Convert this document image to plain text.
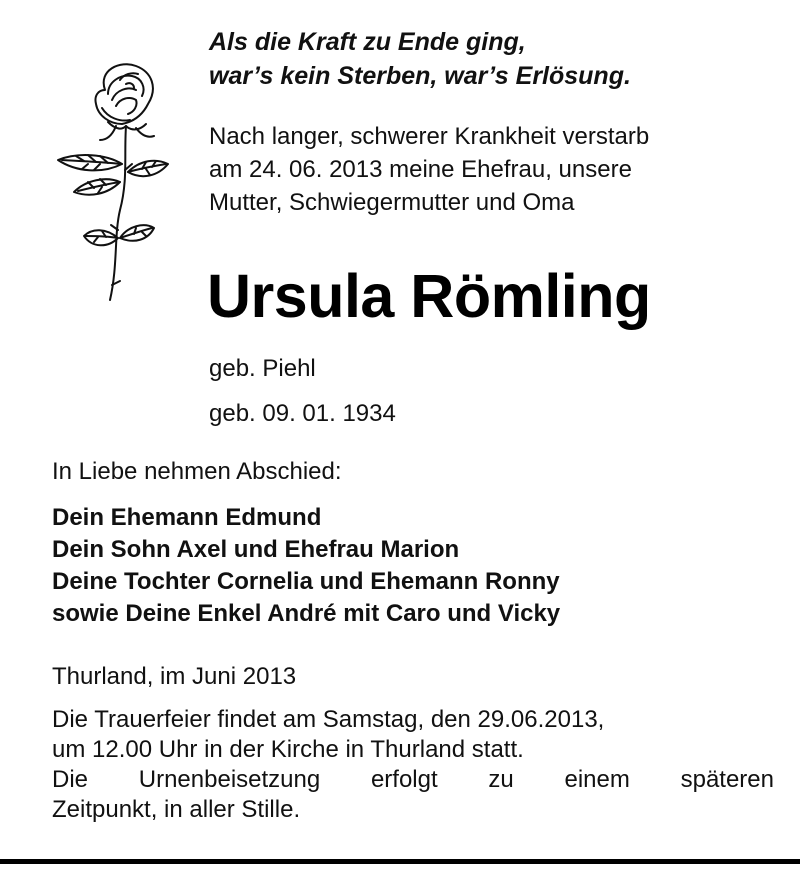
Als die Kraft zu Ende ging,
war’s kein Sterben, war’s Erlösung.
Nach langer, schwerer Krankheit verstarb
am 24. 06. 2013 meine Ehefrau, unsere
Mutter, Schwiegermutter und Oma
Ursula Römling
geb. Piehl
geb. 09. 01. 1934
In Liebe nehmen Abschied:
Dein Ehemann Edmund
Dein Sohn Axel und Ehefrau Marion
Deine Tochter Cornelia und Ehemann Ronny
sowie Deine Enkel André mit Caro und Vicky
Thurland, im Juni 2013
Die Trauerfeier findet am Samstag, den 29.06.2013,
um 12.00 Uhr in der Kirche in Thurland statt.
Die Urnenbeisetzung erfolgt zu einem späteren
Zeitpunkt, in aller Stille.
